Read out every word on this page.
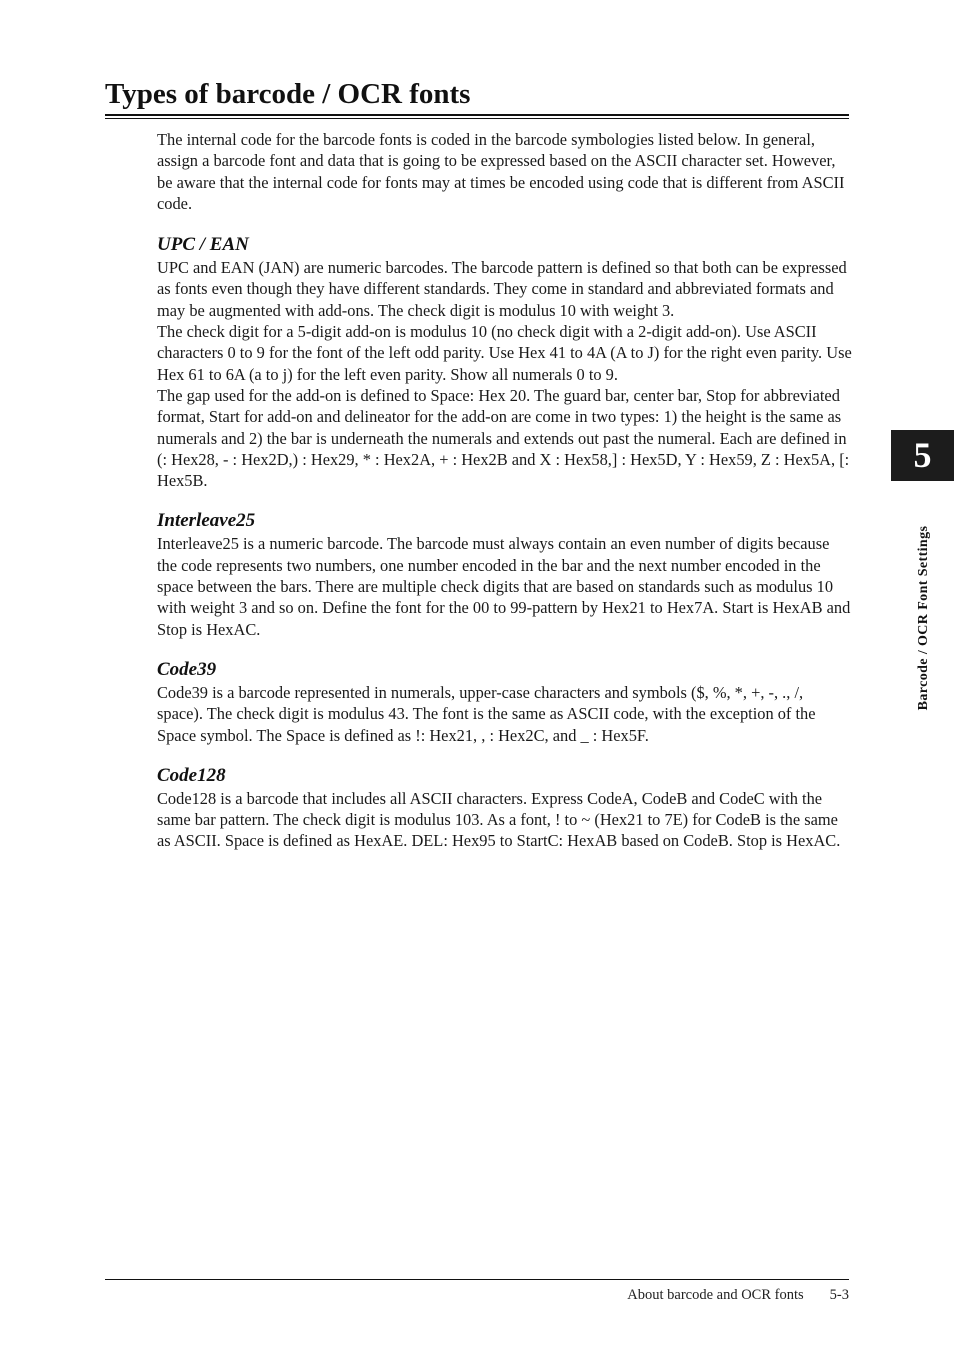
Types of barcode / OCR fonts

The internal code for the barcode fonts is coded in the barcode symbologies listed below. In general, assign a barcode font and data that is going to be expressed based on the ASCII character set. However, be aware that the internal code for fonts may at times be encoded using code that is different from ASCII code.

UPC / EAN

UPC and EAN (JAN) are numeric barcodes. The barcode pattern is defined so that both can be expressed as fonts even though they have different standards. They come in standard and abbreviated formats and may be augmented with add-ons. The check digit is modulus 10 with weight 3.

The check digit for a 5-digit add-on is modulus 10 (no check digit with a 2-digit add-on). Use ASCII characters 0 to 9 for the font of the left odd parity. Use Hex 41 to 4A (A to J) for the right even parity. Use Hex 61 to 6A (a to j) for the left even parity. Show all numerals 0 to 9.

The gap used for the add-on is defined to Space: Hex 20. The guard bar, center bar, Stop for abbreviated format, Start for add-on and delineator for the add-on are come in two types: 1) the height is the same as numerals and 2) the bar is underneath the numerals and extends out past the numeral. Each are defined in (: Hex28, - : Hex2D,) : Hex29, * : Hex2A, + : Hex2B and X : Hex58,] : Hex5D, Y : Hex59, Z : Hex5A, [: Hex5B.

Interleave25

Interleave25 is a numeric barcode. The barcode must always contain an even number of digits because the code represents two numbers, one number encoded in the bar and the next number encoded in the space between the bars. There are multiple check digits that are based on standards such as modulus 10 with weight 3 and so on. Define the font for the 00 to 99-pattern by Hex21 to Hex7A. Start is HexAB and Stop is HexAC.

Code39

Code39 is a barcode represented in numerals, upper-case characters and symbols ($, %, *, +, -, ., /, space). The check digit is modulus 43. The font is the same as ASCII code, with the exception of the Space symbol. The Space is defined as !: Hex21, , : Hex2C, and _ : Hex5F.

Code128

Code128 is a barcode that includes all ASCII characters. Express CodeA, CodeB and CodeC with the same bar pattern. The check digit is modulus 103. As a font, ! to ~ (Hex21 to 7E) for CodeB is the same as ASCII. Space is defined as HexAE. DEL: Hex95 to StartC: HexAB based on CodeB. Stop is HexAC.

5
Barcode / OCR Font Settings
About barcode and OCR fonts 5-3
